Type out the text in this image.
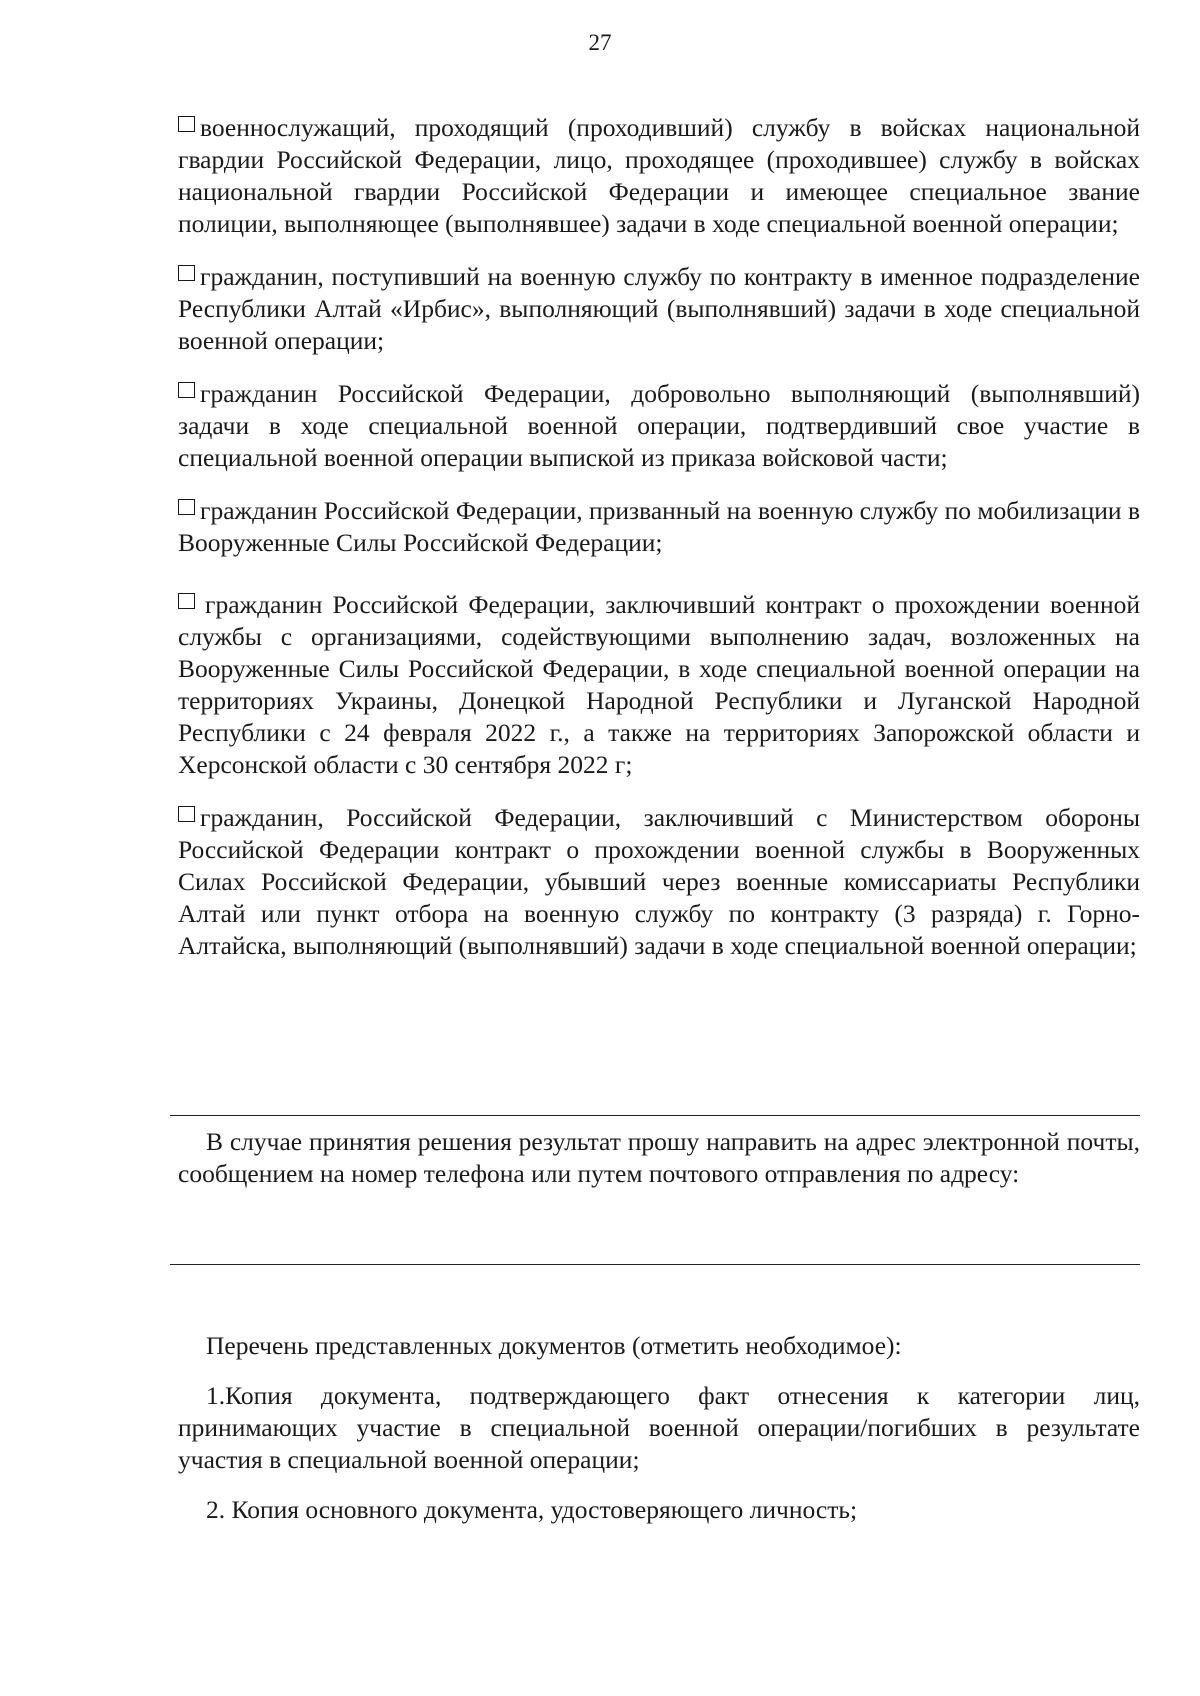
27

военнослужащий, проходящий (проходивший) службу в войсках национальной гвардии Российской Федерации, лицо, проходящее (проходившее) службу в войсках национальной гвардии Российской Федерации и имеющее специальное звание полиции, выполняющее (выполнявшее) задачи в ходе специальной военной операции;

гражданин, поступивший на военную службу по контракту в именное подразделение Республики Алтай «Ирбис», выполняющий (выполнявший) задачи в ходе специальной военной операции;

гражданин Российской Федерации, добровольно выполняющий (выполнявший) задачи в ходе специальной военной операции, подтвердивший свое участие в специальной военной операции выпиской из приказа войсковой части;

гражданин Российской Федерации, призванный на военную службу по мобилизации в Вооруженные Силы Российской Федерации;

гражданин Российской Федерации, заключивший контракт о прохождении военной службы с организациями, содействующими выполнению задач, возложенных на Вооруженные Силы Российской Федерации, в ходе специальной военной операции на территориях Украины, Донецкой Народной Республики и Луганской Народной Республики с 24 февраля 2022 г., а также на территориях Запорожской области и Херсонской области с 30 сентября 2022 г;

гражданин, Российской Федерации, заключивший с Министерством обороны Российской Федерации контракт о прохождении военной службы в Вооруженных Силах Российской Федерации, убывший через военные комиссариаты Республики Алтай или пункт отбора на военную службу по контракту (3 разряда) г. Горно-Алтайска, выполняющий (выполнявший) задачи в ходе специальной военной операции;

В случае принятия решения результат прошу направить на адрес электронной почты, сообщением на номер телефона или путем почтового отправления по адресу:

Перечень представленных документов (отметить необходимое):

1.Копия документа, подтверждающего факт отнесения к категории лиц, принимающих участие в специальной военной операции/погибших в результате участия в специальной военной операции;

2. Копия основного документа, удостоверяющего личность;
